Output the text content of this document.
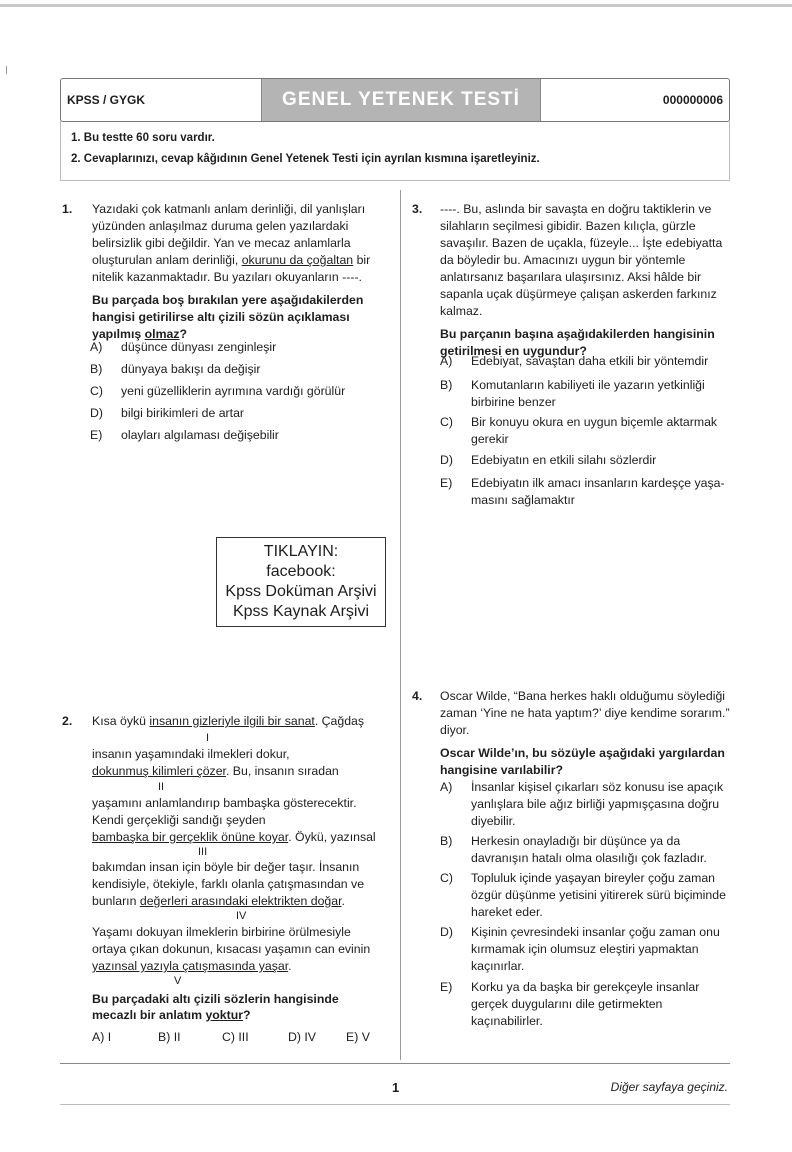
KPSS / GYGK	GENEL YETENEK TESTİ	000000006
1. Bu testte 60 soru vardır.
2. Cevaplarınızı, cevap kâğıdının Genel Yetenek Testi için ayrılan kısmına işaretleyiniz.
1. Yazıdaki çok katmanlı anlam derinliği, dil yanlışları
yüzünden anlaşılmaz duruma gelen yazılardaki
belirsizlik gibi değildir. Yan ve mecaz anlamlarla
oluşturulan anlam derinliği, okurunu da çoğaltan bir
nitelik kazanmaktadır. Bu yazıları okuyanların ----.
Bu parçada boş bırakılan yere aşağıdakilerden
hangisi getirilirse altı çizili sözün açıklaması
yapılmış olmaz?
A) düşünce dünyası zenginleşir
B) dünyaya bakışı da değişir
C) yeni güzelliklerin ayrımına vardığı görülür
D) bilgi birikimleri de artar
E) olayları algılaması değişebilir
3. ----. Bu, aslında bir savaşta en doğru taktiklerin ve
silahların seçilmesi gibidir. Bazen kılıçla, gürzle
savaşılır. Bazen de uçakla, füzeyle... İşte edebiyatta
da böyledir bu. Amacınızı uygun bir yöntemle
anlatırsanız başarılara ulaşırsınız. Aksi hâlde bir
sapanla uçak düşürmeye çalışan askerden farkınız
kalmaz.
Bu parçanın başına aşağıdakilerden hangisinin
getirilmesi en uygundur?
A) Edebiyat, savaştan daha etkili bir yöntemdir
B) Komutanların kabiliyeti ile yazarın yetkinliği
birbirine benzer
C) Bir konuyu okura en uygun biçemle aktarmak
gerekir
D) Edebiyatın en etkili silahı sözlerdir
E) Edebiyatın ilk amacı insanların kardeşçe yaşa-
masını sağlamaktır
TIKLAYIN:
facebook:
Kpss Doküman Arşivi
Kpss Kaynak Arşivi
2. Kısa öykü insanın gizleriyle ilgili bir sanat. Çağdaş
I
insanın yaşamındaki ilmekleri dokur,
dokunmuş kilimleri çözer. Bu, insanın sıradan
II
yaşamını anlamlandırıp bambaşka gösterecektir.
Kendi gerçekliği sandığı şeyden
bambaşka bir gerçeklik önüne koyar. Öykü, yazınsal
III
bakımdan insan için böyle bir değer taşır. İnsanın
kendisiyle, ötekiyle, farklı olanla çatışmasından ve
bunların değerleri arasındaki elektrikten doğar.
IV
Yaşamı dokuyan ilmeklerin birbirine örülmesiyle
ortaya çıkan dokunun, kısacası yaşamın can evinin
yazınsal yazıyla çatışmasında yaşar.
V
Bu parçadaki altı çizili sözlerin hangisinde
mecazlı bir anlatım yoktur?
A) I	B) II	C) III	D) IV E) V
4. Oscar Wilde, “Bana herkes haklı olduğumu söylediği
zaman ‘Yine ne hata yaptım?’ diye kendime sorarım.”
diyor.
Oscar Wilde’ın, bu sözüyle aşağıdaki yargılardan
hangisine varılabilir?
A) İnsanlar kişisel çıkarları söz konusu ise apaçık
yanlışlara bile ağız birliği yapmışçasına doğru
diyebilir.
B) Herkesin onayladığı bir düşünce ya da
davranışın hatalı olma olasılığı çok fazladır.
C) Topluluk içinde yaşayan bireyler çoğu zaman
özgür düşünme yetisini yitirerek sürü biçiminde
hareket eder.
D) Kişinin çevresindeki insanlar çoğu zaman onu
kırmamak için olumsuz eleştiri yapmaktan
kaçınırlar.
E) Korku ya da başka bir gerekçeyle insanlar
gerçek duygularını dile getirmekten
kaçınabilirler.
1	Diğer sayfaya geçiniz.
